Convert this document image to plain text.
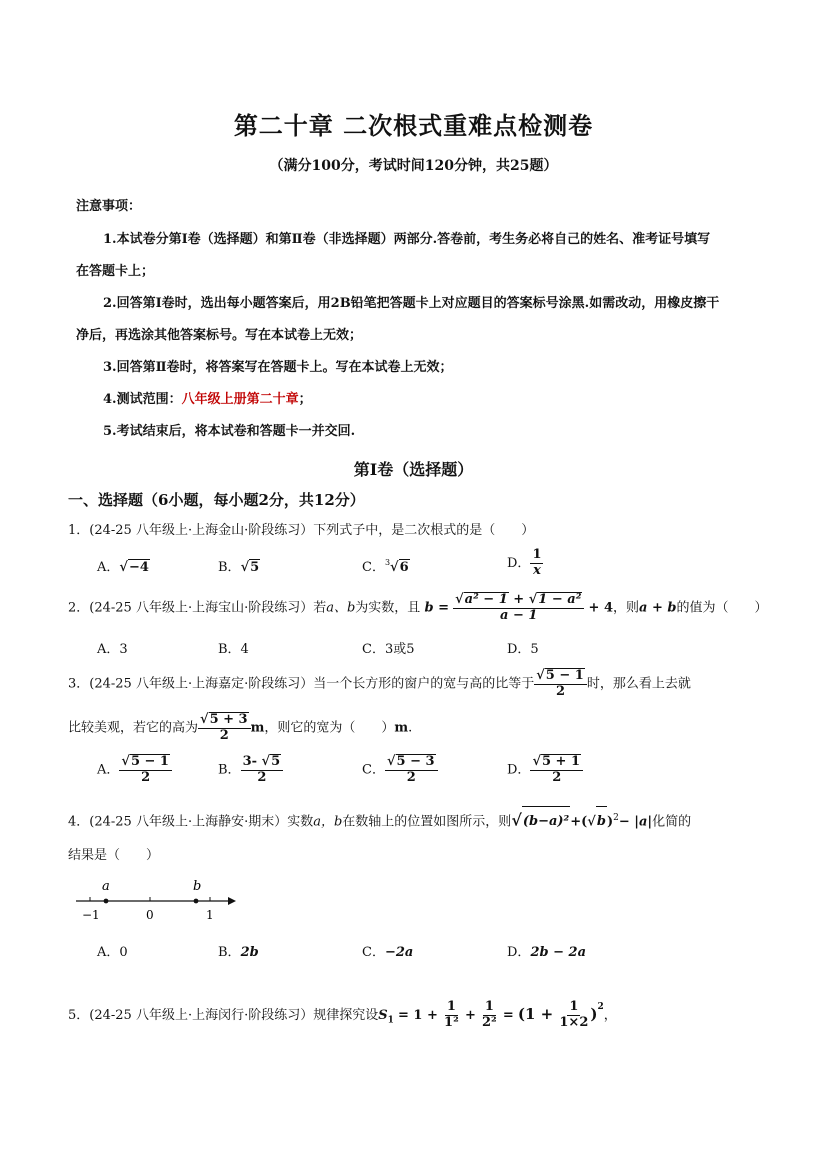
第二十章 二次根式重难点检测卷
（满分100分，考试时间120分钟，共25题）
注意事项：
1.本试卷分第Ⅰ卷（选择题）和第Ⅱ卷（非选择题）两部分.答卷前，考生务必将自己的姓名、准考证号填写
在答题卡上；
2.回答第Ⅰ卷时，选出每小题答案后，用2B铅笔把答题卡上对应题目的答案标号涂黑.如需改动，用橡皮擦干
净后，再选涂其他答案标号。写在本试卷上无效；
3.回答第Ⅱ卷时，将答案写在答题卡上。写在本试卷上无效；
4.测试范围：八年级上册第二十章；
5.考试结束后，将本试卷和答题卡一并交回.
第Ⅰ卷（选择题）
一、选择题（6小题，每小题2分，共12分）
1．(24-25 八年级上·上海金山·阶段练习）下列式子中，是二次根式的是（　　）
A．√−4	B．√5	C．$^3$√6	D． $\frac{1}{x}$
2．(24-25 八年级上·上海宝山·阶段练习）若a、b为实数，且 $b = \frac{\text{√a² − 1 + √1 − a²}}{a - 1} + 4$，则a + b的值为（　　）
A．3	B．4	C．3或5	D．5
3．(24-25 八年级上·上海嘉定·阶段练习）当一个长方形的窗户的宽与高的比等于 $\frac{√5 - 1}{2}$ 时，那么看上去就
比较美观，若它的高为 $\frac{√5 + 3}{2}$ m，则它的宽为（　　）m.
A． $\frac{√5 - 1}{2}$	B． $\frac{3- √5}{2}$	C． $\frac{√5 - 3}{2}$	D． $\frac{√5 + 1}{2}$
4．(24-25 八年级上·上海静安·期末）实数a，b在数轴上的位置如图所示，则$√(b-a)^2+(√b)^2- |a|$化简的
结果是（　　）
a	b
−1	0	1
A．0	B．2b	C．−2a	D．2b − 2a
5．(24-25 八年级上·上海闵行·阶段练习）规律探究设$S_1 = 1 + \frac{1}{\text{1²}} + \frac{1}{\text{2²}} = (1 + \frac{1}{1\times 2} )^2$，
